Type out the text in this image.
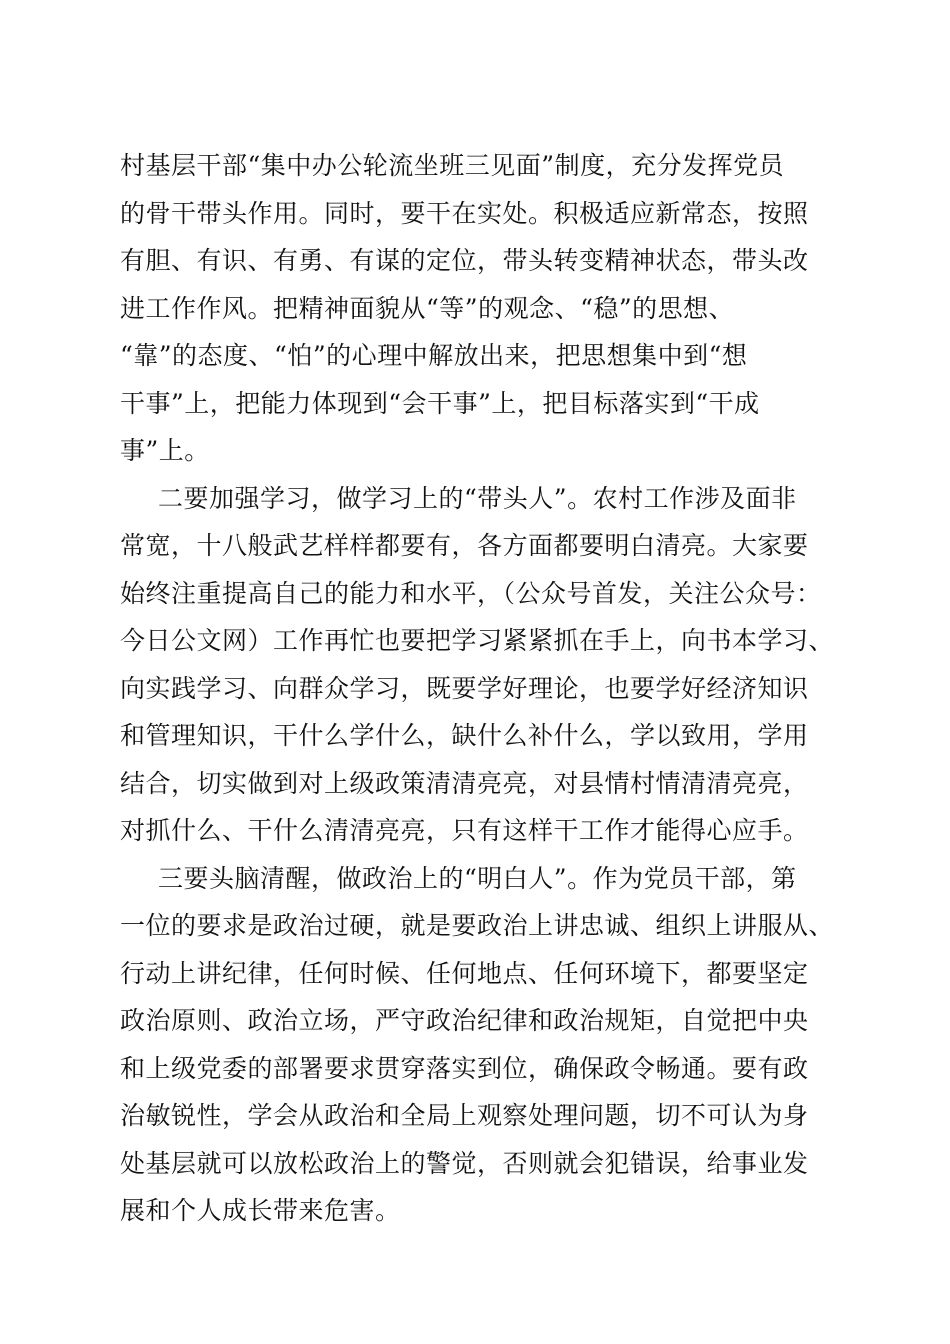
村基层干部“集中办公轮流坐班三见面”制度，充分发挥党员
的骨干带头作用。同时，要干在实处。积极适应新常态，按照
有胆、有识、有勇、有谋的定位，带头转变精神状态，带头改
进工作作风。把精神面貌从“等”的观念、“稳”的思想、
“靠”的态度、“怕”的心理中解放出来，把思想集中到“想
干事”上，把能力体现到“会干事”上，把目标落实到“干成
事”上。
二要加强学习，做学习上的“带头人”。农村工作涉及面非
常宽，十八般武艺样样都要有，各方面都要明白清亮。大家要
始终注重提高自己的能力和水平，（公众号首发，关注公众号：
今日公文网）工作再忙也要把学习紧紧抓在手上，向书本学习、
向实践学习、向群众学习，既要学好理论，也要学好经济知识
和管理知识，干什么学什么，缺什么补什么，学以致用，学用
结合，切实做到对上级政策清清亮亮，对县情村情清清亮亮，
对抓什么、干什么清清亮亮，只有这样干工作才能得心应手。
三要头脑清醒，做政治上的“明白人”。作为党员干部，第
一位的要求是政治过硬，就是要政治上讲忠诚、组织上讲服从、
行动上讲纪律，任何时候、任何地点、任何环境下，都要坚定
政治原则、政治立场，严守政治纪律和政治规矩，自觉把中央
和上级党委的部署要求贯穿落实到位，确保政令畅通。要有政
治敏锐性，学会从政治和全局上观察处理问题，切不可认为身
处基层就可以放松政治上的警觉，否则就会犯错误，给事业发
展和个人成长带来危害。
